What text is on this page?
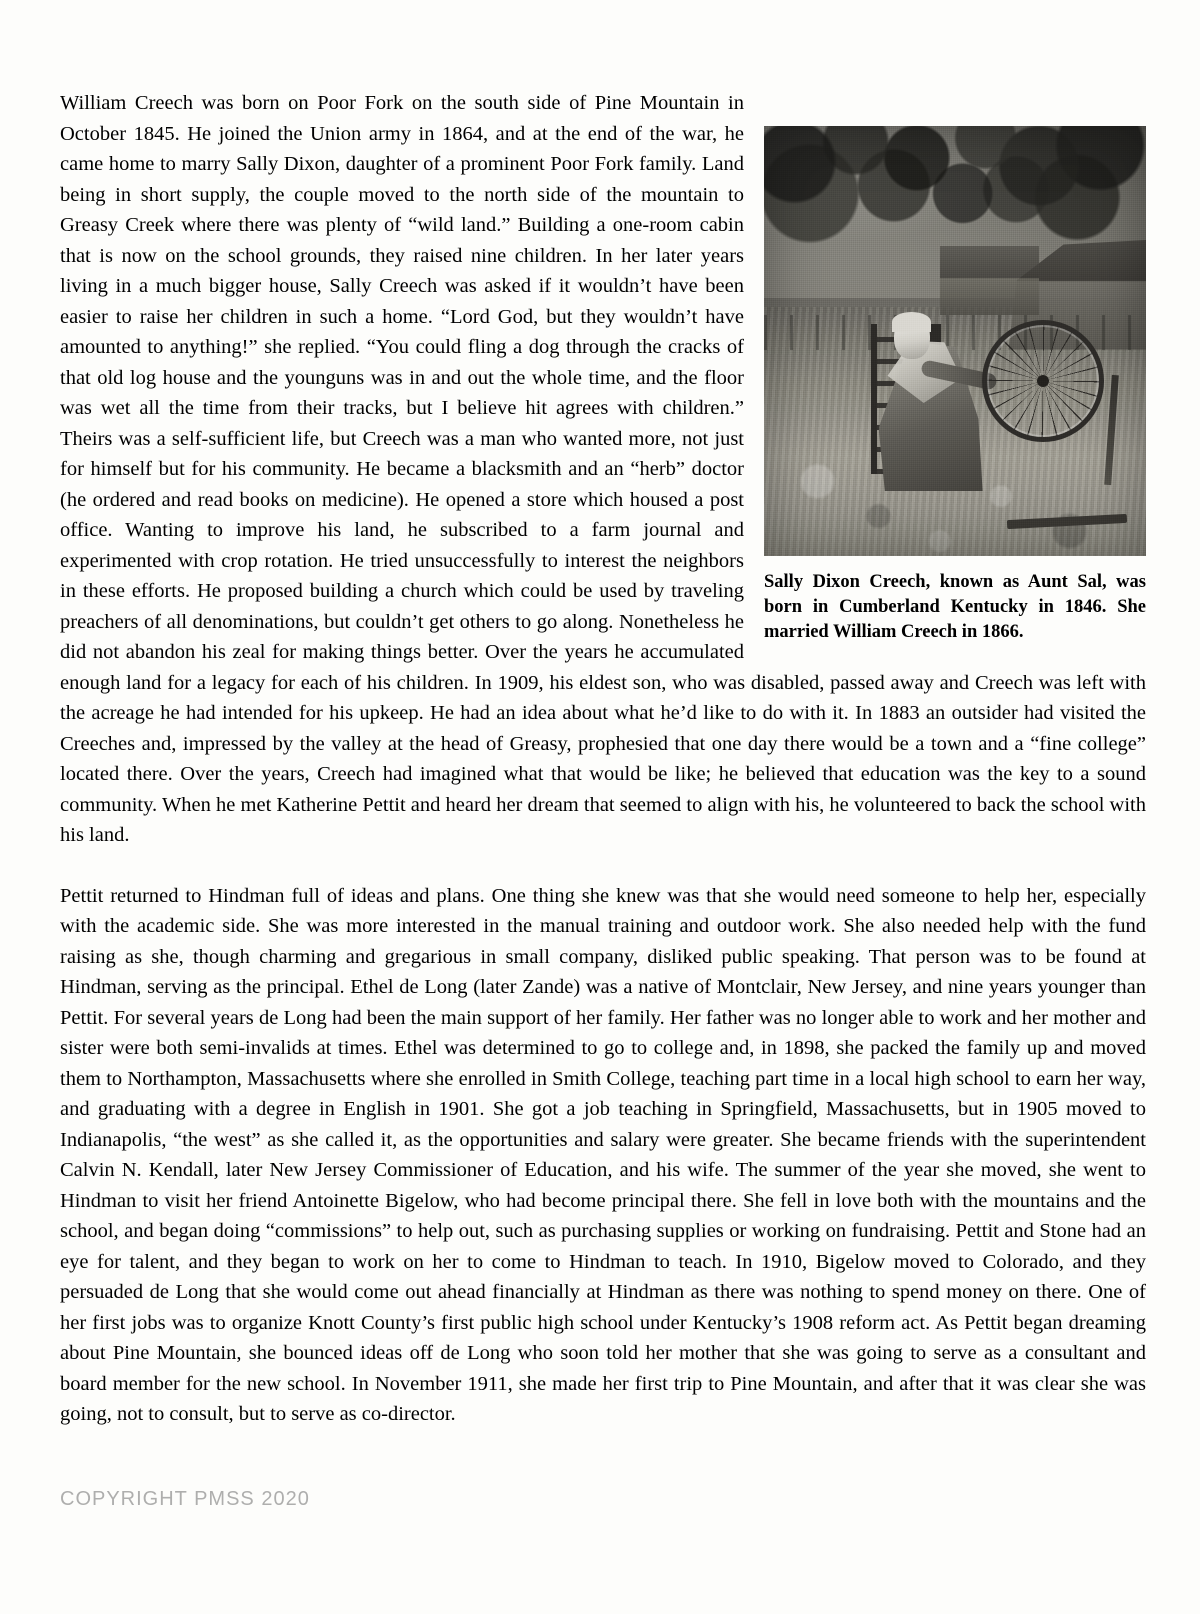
Sally Dixon Creech, known as Aunt Sal, was born in Cumberland Kentucky in 1846. She married William Creech in 1866.

William Creech was born on Poor Fork on the south side of Pine Mountain in October 1845. He joined the Union army in 1864, and at the end of the war, he came home to marry Sally Dixon, daughter of a prominent Poor Fork family. Land being in short supply, the couple moved to the north side of the mountain to Greasy Creek where there was plenty of “wild land.” Building a one-room cabin that is now on the school grounds, they raised nine children. In her later years living in a much bigger house, Sally Creech was asked if it wouldn’t have been easier to raise her children in such a home. “Lord God, but they wouldn’t have amounted to anything!” she replied. “You could fling a dog through the cracks of that old log house and the younguns was in and out the whole time, and the floor was wet all the time from their tracks, but I believe hit agrees with children.” Theirs was a self-sufficient life, but Creech was a man who wanted more, not just for himself but for his community. He became a blacksmith and an “herb” doctor (he ordered and read books on medicine). He opened a store which housed a post office. Wanting to improve his land, he subscribed to a farm journal and experimented with crop rotation. He tried unsuccessfully to interest the neighbors in these efforts. He proposed building a church which could be used by traveling preachers of all denominations, but couldn’t get others to go along. Nonetheless he did not abandon his zeal for making things better. Over the years he accumulated enough land for a legacy for each of his children. In 1909, his eldest son, who was disabled, passed away and Creech was left with the acreage he had intended for his upkeep. He had an idea about what he’d like to do with it. In 1883 an outsider had visited the Creeches and, impressed by the valley at the head of Greasy, prophesied that one day there would be a town and a “fine college” located there. Over the years, Creech had imagined what that would be like; he believed that education was the key to a sound community. When he met Katherine Pettit and heard her dream that seemed to align with his, he volunteered to back the school with his land.

Pettit returned to Hindman full of ideas and plans. One thing she knew was that she would need someone to help her, especially with the academic side. She was more interested in the manual training and outdoor work. She also needed help with the fund raising as she, though charming and gregarious in small company, disliked public speaking. That person was to be found at Hindman, serving as the principal. Ethel de Long (later Zande) was a native of Montclair, New Jersey, and nine years younger than Pettit. For several years de Long had been the main support of her family. Her father was no longer able to work and her mother and sister were both semi-invalids at times. Ethel was determined to go to college and, in 1898, she packed the family up and moved them to Northampton, Massachusetts where she enrolled in Smith College, teaching part time in a local high school to earn her way, and graduating with a degree in English in 1901. She got a job teaching in Springfield, Massachusetts, but in 1905 moved to Indianapolis, “the west” as she called it, as the opportunities and salary were greater. She became friends with the superintendent Calvin N. Kendall, later New Jersey Commissioner of Education, and his wife. The summer of the year she moved, she went to Hindman to visit her friend Antoinette Bigelow, who had become principal there. She fell in love both with the mountains and the school, and began doing “commissions” to help out, such as purchasing supplies or working on fundraising. Pettit and Stone had an eye for talent, and they began to work on her to come to Hindman to teach. In 1910, Bigelow moved to Colorado, and they persuaded de Long that she would come out ahead financially at Hindman as there was nothing to spend money on there. One of her first jobs was to organize Knott County’s first public high school under Kentucky’s 1908 reform act. As Pettit began dreaming about Pine Mountain, she bounced ideas off de Long who soon told her mother that she was going to serve as a consultant and board member for the new school. In November 1911, she made her first trip to Pine Mountain, and after that it was clear she was going, not to consult, but to serve as co-director.

COPYRIGHT PMSS 2020
